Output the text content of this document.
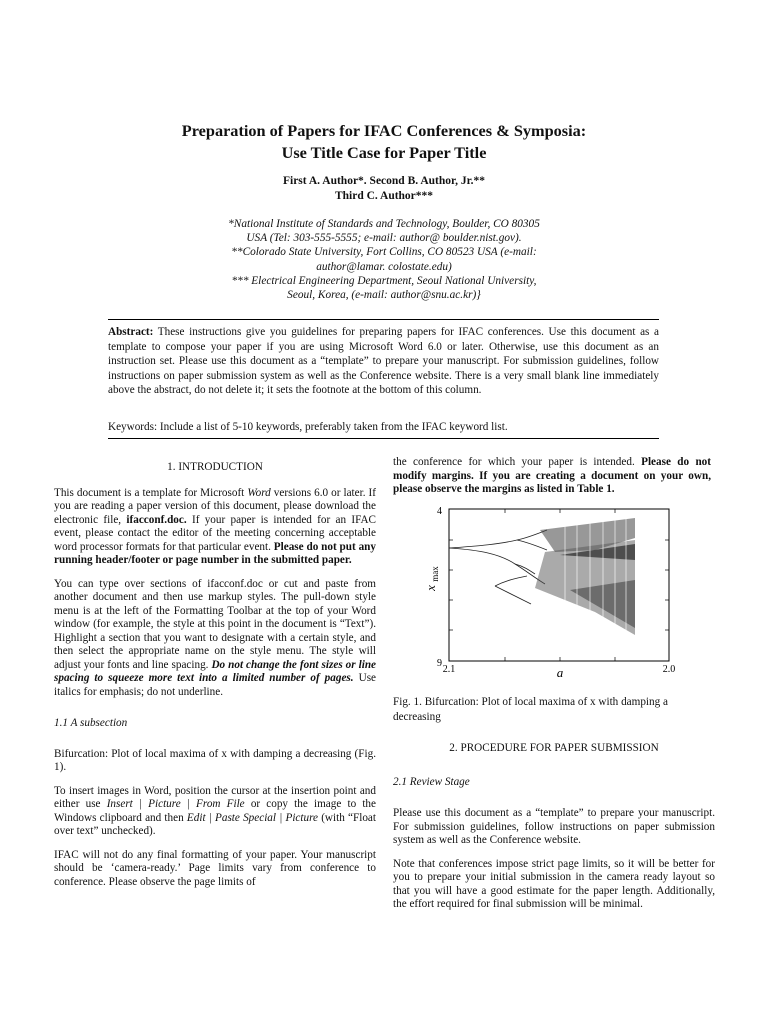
Preparation of Papers for IFAC Conferences & Symposia:
Use Title Case for Paper Title
First A. Author*. Second B. Author, Jr.**
Third C. Author***
*National Institute of Standards and Technology, Boulder, CO 80305
USA (Tel: 303-555-5555; e-mail: author@ boulder.nist.gov).
**Colorado State University, Fort Collins, CO 80523 USA (e-mail:
author@lamar. colostate.edu)
*** Electrical Engineering Department, Seoul National University,
Seoul, Korea, (e-mail: author@snu.ac.kr)}
Abstract: These instructions give you guidelines for preparing papers for IFAC conferences. Use this document as a template to compose your paper if you are using Microsoft Word 6.0 or later. Otherwise, use this document as an instruction set. Please use this document as a “template” to prepare your manuscript. For submission guidelines, follow instructions on paper submission system as well as the Conference website. There is a very small blank line immediately above the abstract, do not delete it; it sets the footnote at the bottom of this column.
Keywords: Include a list of 5-10 keywords, preferably taken from the IFAC keyword list.

1. INTRODUCTION

This document is a template for Microsoft Word versions 6.0 or later. If you are reading a paper version of this document, please download the electronic file, ifacconf.doc. If your paper is intended for an IFAC event, please contact the editor of the meeting concerning acceptable word processor formats for that particular event. Please do not put any running header/footer or page number in the submitted paper.

You can type over sections of ifacconf.doc or cut and paste from another document and then use markup styles. The pull-down style menu is at the left of the Formatting Toolbar at the top of your Word window (for example, the style at this point in the document is “Text”). Highlight a section that you want to designate with a certain style, and then select the appropriate name on the style menu. The style will adjust your fonts and line spacing. Do not change the font sizes or line spacing to squeeze more text into a limited number of pages. Use italics for emphasis; do not underline.

1.1 A subsection

Bifurcation: Plot of local maxima of x with damping a decreasing (Fig. 1).

To insert images in Word, position the cursor at the insertion point and either use Insert | Picture | From File or copy the image to the Windows clipboard and then Edit | Paste Special | Picture (with “Float over text” unchecked).

IFAC will not do any final formatting of your paper. Your manuscript should be ‘camera-ready.’ Page limits vary from conference to conference. Please observe the page limits of

the conference for which your paper is intended. Please do not modify margins. If you are creating a document on your own, please observe the margins as listed in Table 1.

4
9
2.1	2.0
a
x
max
Fig. 1. Bifurcation: Plot of local maxima of x with damping a decreasing

2. PROCEDURE FOR PAPER SUBMISSION

2.1 Review Stage

Please use this document as a “template” to prepare your manuscript. For submission guidelines, follow instructions on paper submission system as well as the Conference website.

Note that conferences impose strict page limits, so it will be better for you to prepare your initial submission in the camera ready layout so that you will have a good estimate for the paper length. Additionally, the effort required for final submission will be minimal.
